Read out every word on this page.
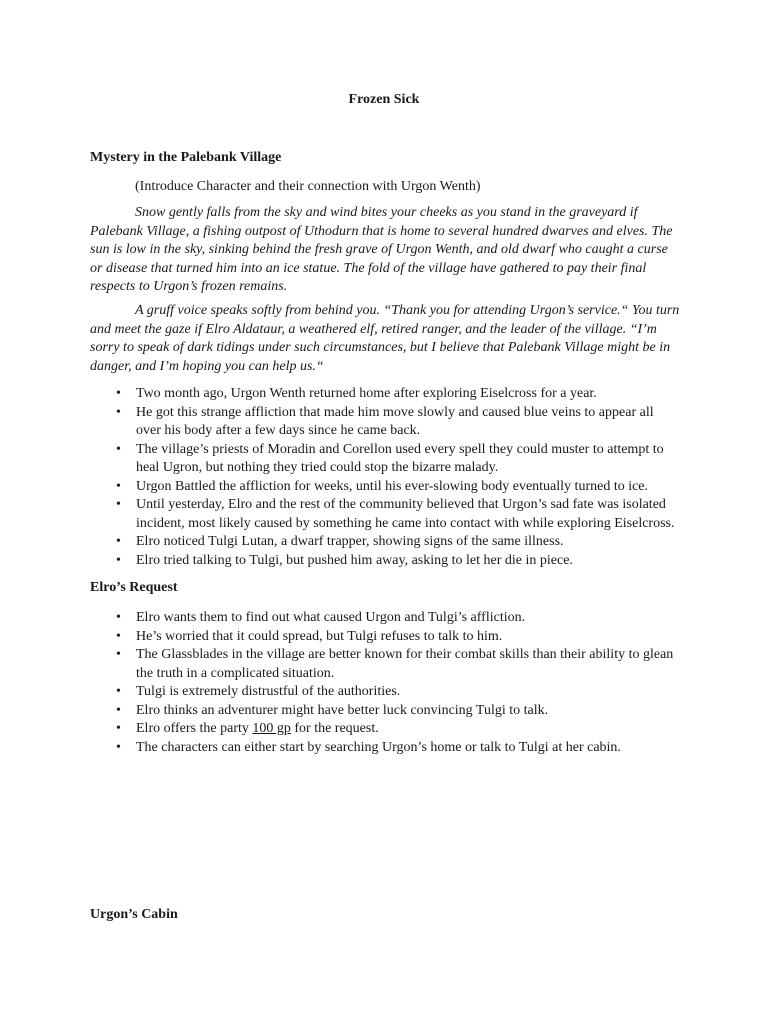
Frozen Sick
Mystery in the Palebank Village

(Introduce Character and their connection with Urgon Wenth)

Snow gently falls from the sky and wind bites your cheeks as you stand in the graveyard if Palebank Village, a fishing outpost of Uthodurn that is home to several hundred dwarves and elves. The sun is low in the sky, sinking behind the fresh grave of Urgon Wenth, and old dwarf who caught a curse or disease that turned him into an ice statue. The fold of the village have gathered to pay their final respects to Urgon’s frozen remains.

A gruff voice speaks softly from behind you. “Thank you for attending Urgon’s service.“ You turn and meet the gaze if Elro Aldataur, a weathered elf, retired ranger, and the leader of the village. “I’m sorry to speak of dark tidings under such circumstances, but I believe that Palebank Village might be in danger, and I’m hoping you can help us.“

• Two month ago, Urgon Wenth returned home after exploring Eiselcross for a year.
• He got this strange affliction that made him move slowly and caused blue veins to appear all over his body after a few days since he came back.
• The village’s priests of Moradin and Corellon used every spell they could muster to attempt to heal Ugron, but nothing they tried could stop the bizarre malady.
• Urgon Battled the affliction for weeks, until his ever-slowing body eventually turned to ice.
• Until yesterday, Elro and the rest of the community believed that Urgon’s sad fate was isolated incident, most likely caused by something he came into contact with while exploring Eiselcross.
• Elro noticed Tulgi Lutan, a dwarf trapper, showing signs of the same illness.
• Elro tried talking to Tulgi, but pushed him away, asking to let her die in piece.
Elro’s Request
• Elro wants them to find out what caused Urgon and Tulgi’s affliction.
• He’s worried that it could spread, but Tulgi refuses to talk to him.
• The Glassblades in the village are better known for their combat skills than their ability to glean the truth in a complicated situation.
• Tulgi is extremely distrustful of the authorities.
• Elro thinks an adventurer might have better luck convincing Tulgi to talk.
• Elro offers the party 100 gp for the request.
• The characters can either start by searching Urgon’s home or talk to Tulgi at her cabin.
Urgon’s Cabin
